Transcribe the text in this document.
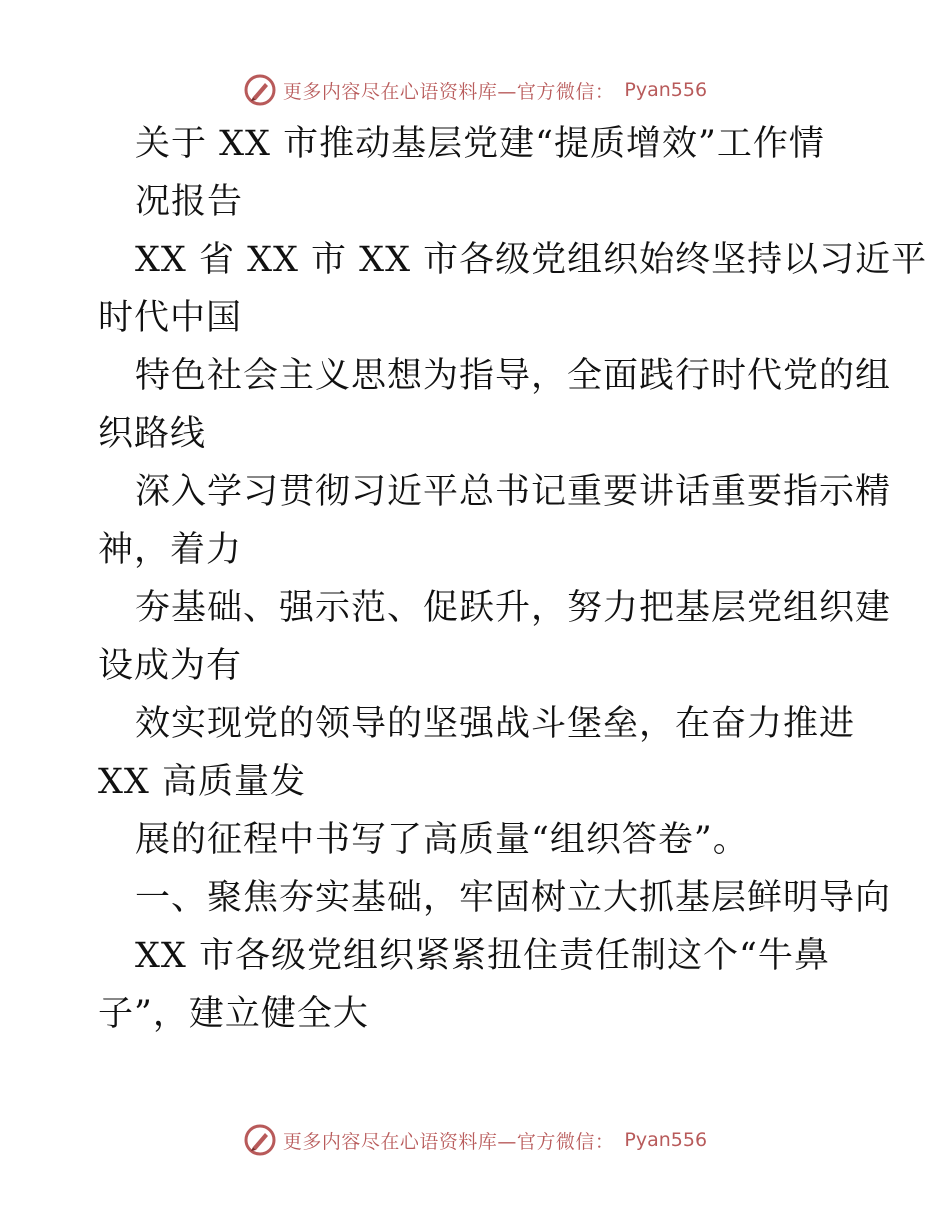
更多内容尽在心语资料库—官方微信： Pyan556
关于 XX 市推动基层党建“提质增效”工作情
况报告
XX 省 XX 市 XX 市各级党组织始终坚持以习近平
时代中国
特色社会主义思想为指导，全面践行时代党的组
织路线
深入学习贯彻习近平总书记重要讲话重要指示精
神，着力
夯基础、强示范、促跃升，努力把基层党组织建
设成为有
效实现党的领导的坚强战斗堡垒，在奋力推进
XX 高质量发
展的征程中书写了高质量“组织答卷”。
一、聚焦夯实基础，牢固树立大抓基层鲜明导向
XX 市各级党组织紧紧扭住责任制这个“牛鼻
子”，建立健全大
更多内容尽在心语资料库—官方微信： Pyan556
